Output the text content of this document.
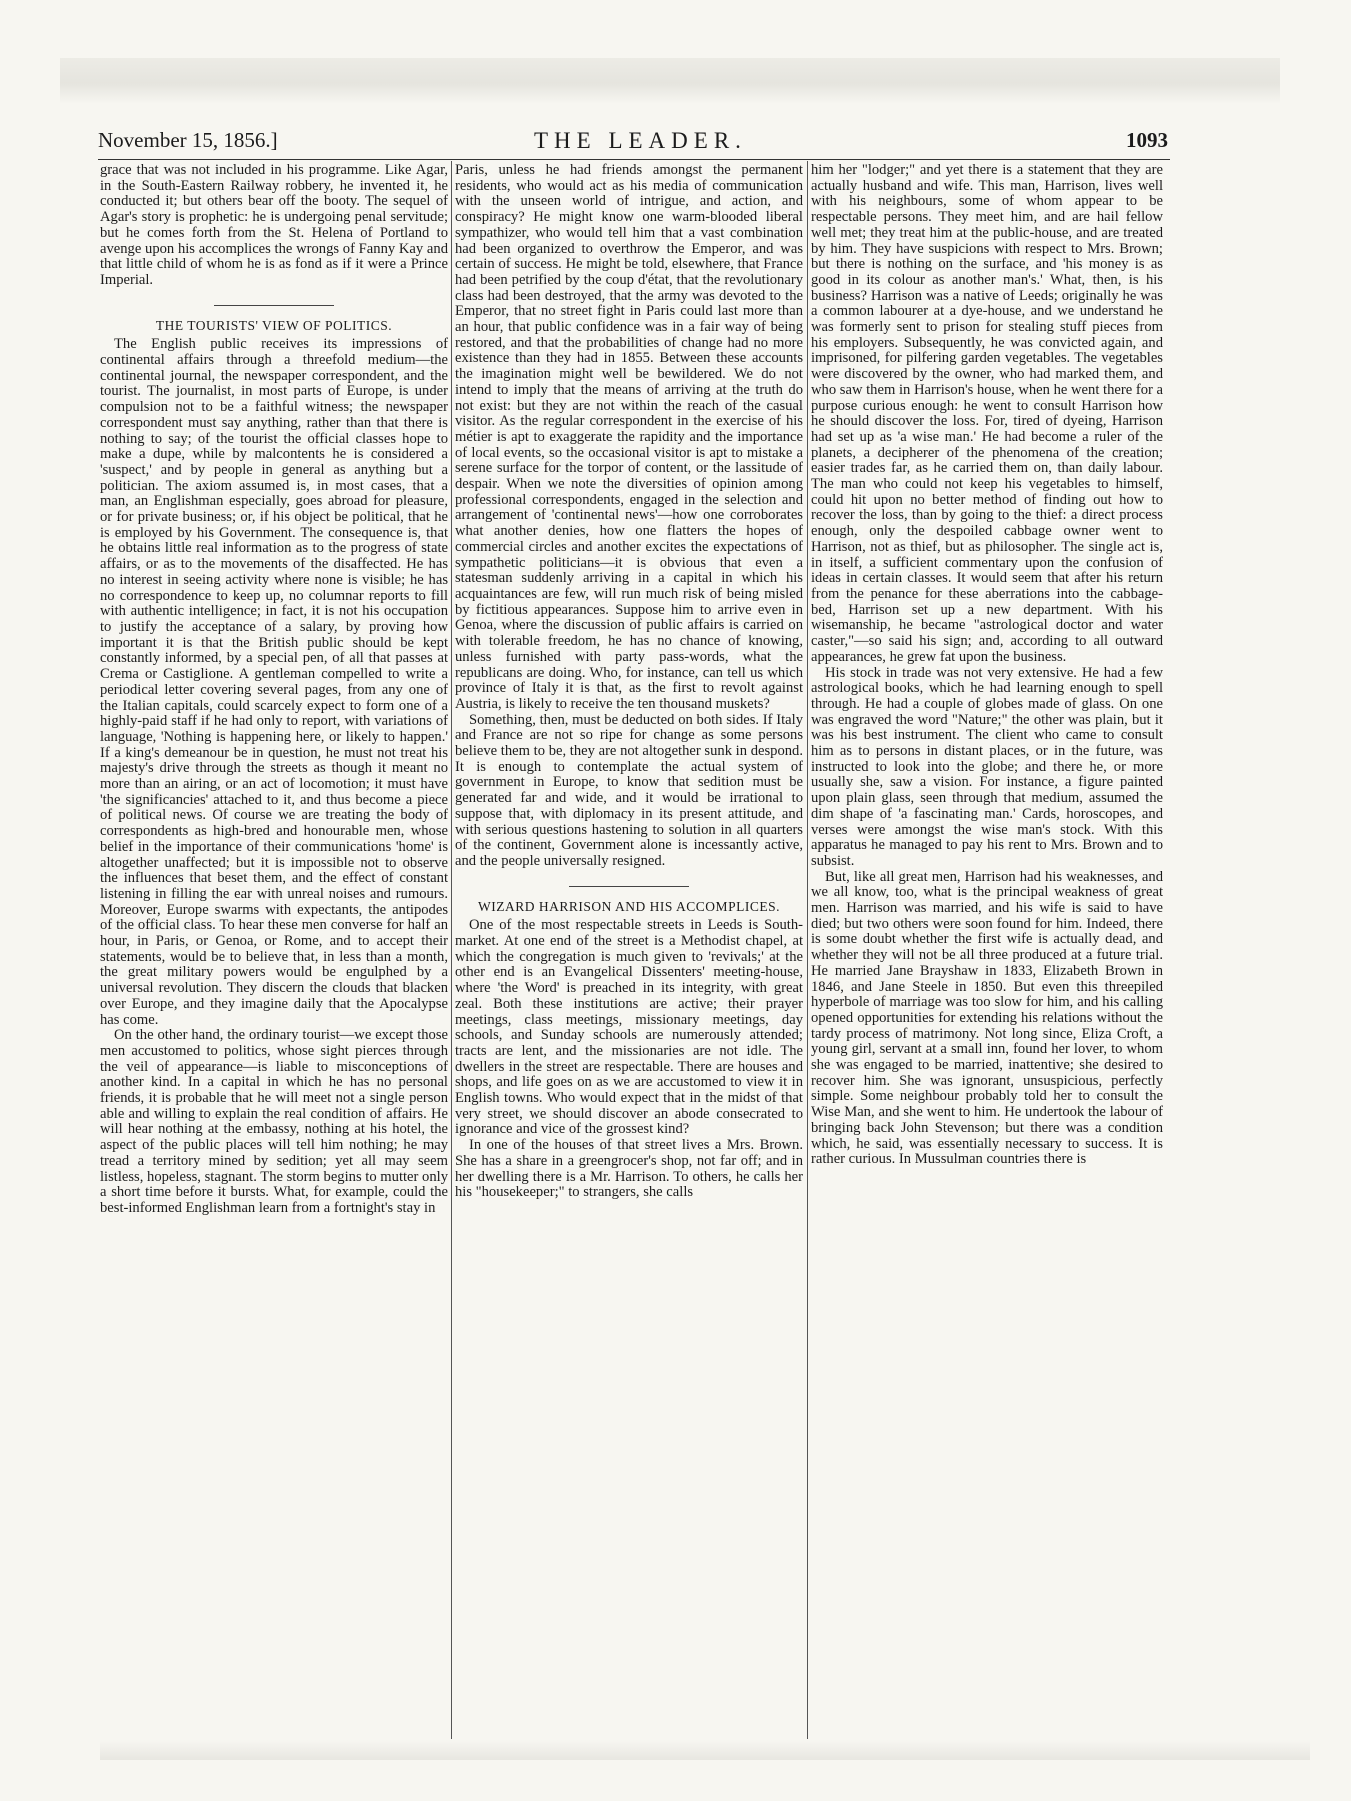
November 15, 1856.]	THE LEADER.	1093

grace that was not included in his programme. Like Agar, in the South-Eastern Railway robbery, he invented it, he conducted it; but others bear off the booty. The sequel of Agar's story is prophetic: he is undergoing penal servitude; but he comes forth from the St. Helena of Portland to avenge upon his accomplices the wrongs of Fanny Kay and that little child of whom he is as fond as if it were a Prince Imperial.

THE TOURISTS' VIEW OF POLITICS.

The English public receives its impressions of continental affairs through a threefold medium—the continental journal, the newspaper correspondent, and the tourist. The journalist, in most parts of Europe, is under compulsion not to be a faithful witness; the newspaper correspondent must say anything, rather than that there is nothing to say; of the tourist the official classes hope to make a dupe, while by malcontents he is considered a 'suspect,' and by people in general as anything but a politician. The axiom assumed is, in most cases, that a man, an Englishman especially, goes abroad for pleasure, or for private business; or, if his object be political, that he is employed by his Government. The consequence is, that he obtains little real information as to the progress of state affairs, or as to the movements of the disaffected. He has no interest in seeing activity where none is visible; he has no correspondence to keep up, no columnar reports to fill with authentic intelligence; in fact, it is not his occupation to justify the acceptance of a salary, by proving how important it is that the British public should be kept constantly informed, by a special pen, of all that passes at Crema or Castiglione. A gentleman compelled to write a periodical letter covering several pages, from any one of the Italian capitals, could scarcely expect to form one of a highly-paid staff if he had only to report, with variations of language, 'Nothing is happening here, or likely to happen.' If a king's demeanour be in question, he must not treat his majesty's drive through the streets as though it meant no more than an airing, or an act of locomotion; it must have 'the significancies' attached to it, and thus become a piece of political news. Of course we are treating the body of correspondents as high-bred and honourable men, whose belief in the importance of their communications 'home' is altogether unaffected; but it is impossible not to observe the influences that beset them, and the effect of constant listening in filling the ear with unreal noises and rumours. Moreover, Europe swarms with expectants, the antipodes of the official class. To hear these men converse for half an hour, in Paris, or Genoa, or Rome, and to accept their statements, would be to believe that, in less than a month, the great military powers would be engulphed by a universal revolution. They discern the clouds that blacken over Europe, and they imagine daily that the Apocalypse has come.

On the other hand, the ordinary tourist—we except those men accustomed to politics, whose sight pierces through the veil of appearance—is liable to misconceptions of another kind. In a capital in which he has no personal friends, it is probable that he will meet not a single person able and willing to explain the real condition of affairs. He will hear nothing at the embassy, nothing at his hotel, the aspect of the public places will tell him nothing; he may tread a territory mined by sedition; yet all may seem listless, hopeless, stagnant. The storm begins to mutter only a short time before it bursts. What, for example, could the best-informed Englishman learn from a fortnight's stay in

Paris, unless he had friends amongst the permanent residents, who would act as his media of communication with the unseen world of intrigue, and action, and conspiracy? He might know one warm-blooded liberal sympathizer, who would tell him that a vast combination had been organized to overthrow the Emperor, and was certain of success. He might be told, elsewhere, that France had been petrified by the coup d'état, that the revolutionary class had been destroyed, that the army was devoted to the Emperor, that no street fight in Paris could last more than an hour, that public confidence was in a fair way of being restored, and that the probabilities of change had no more existence than they had in 1855. Between these accounts the imagination might well be bewildered. We do not intend to imply that the means of arriving at the truth do not exist: but they are not within the reach of the casual visitor. As the regular correspondent in the exercise of his métier is apt to exaggerate the rapidity and the importance of local events, so the occasional visitor is apt to mistake a serene surface for the torpor of content, or the lassitude of despair. When we note the diversities of opinion among professional correspondents, engaged in the selection and arrangement of 'continental news'—how one corroborates what another denies, how one flatters the hopes of commercial circles and another excites the expectations of sympathetic politicians—it is obvious that even a statesman suddenly arriving in a capital in which his acquaintances are few, will run much risk of being misled by fictitious appearances. Suppose him to arrive even in Genoa, where the discussion of public affairs is carried on with tolerable freedom, he has no chance of knowing, unless furnished with party pass-words, what the republicans are doing. Who, for instance, can tell us which province of Italy it is that, as the first to revolt against Austria, is likely to receive the ten thousand muskets?

Something, then, must be deducted on both sides. If Italy and France are not so ripe for change as some persons believe them to be, they are not altogether sunk in despond. It is enough to contemplate the actual system of government in Europe, to know that sedition must be generated far and wide, and it would be irrational to suppose that, with diplomacy in its present attitude, and with serious questions hastening to solution in all quarters of the continent, Government alone is incessantly active, and the people universally resigned.

WIZARD HARRISON AND HIS ACCOMPLICES.

One of the most respectable streets in Leeds is South-market. At one end of the street is a Methodist chapel, at which the congregation is much given to 'revivals;' at the other end is an Evangelical Dissenters' meeting-house, where 'the Word' is preached in its integrity, with great zeal. Both these institutions are active; their prayer meetings, class meetings, missionary meetings, day schools, and Sunday schools are numerously attended; tracts are lent, and the missionaries are not idle. The dwellers in the street are respectable. There are houses and shops, and life goes on as we are accustomed to view it in English towns. Who would expect that in the midst of that very street, we should discover an abode consecrated to ignorance and vice of the grossest kind?

In one of the houses of that street lives a Mrs. Brown. She has a share in a greengrocer's shop, not far off; and in her dwelling there is a Mr. Harrison. To others, he calls her his "housekeeper;" to strangers, she calls

him her "lodger;" and yet there is a statement that they are actually husband and wife. This man, Harrison, lives well with his neighbours, some of whom appear to be respectable persons. They meet him, and are hail fellow well met; they treat him at the public-house, and are treated by him. They have suspicions with respect to Mrs. Brown; but there is nothing on the surface, and 'his money is as good in its colour as another man's.' What, then, is his business? Harrison was a native of Leeds; originally he was a common labourer at a dye-house, and we understand he was formerly sent to prison for stealing stuff pieces from his employers. Subsequently, he was convicted again, and imprisoned, for pilfering garden vegetables. The vegetables were discovered by the owner, who had marked them, and who saw them in Harrison's house, when he went there for a purpose curious enough: he went to consult Harrison how he should discover the loss. For, tired of dyeing, Harrison had set up as 'a wise man.' He had become a ruler of the planets, a decipherer of the phenomena of the creation; easier trades far, as he carried them on, than daily labour. The man who could not keep his vegetables to himself, could hit upon no better method of finding out how to recover the loss, than by going to the thief: a direct process enough, only the despoiled cabbage owner went to Harrison, not as thief, but as philosopher. The single act is, in itself, a sufficient commentary upon the confusion of ideas in certain classes. It would seem that after his return from the penance for these aberrations into the cabbage-bed, Harrison set up a new department. With his wisemanship, he became "astrological doctor and water caster,"—so said his sign; and, according to all outward appearances, he grew fat upon the business.

His stock in trade was not very extensive. He had a few astrological books, which he had learning enough to spell through. He had a couple of globes made of glass. On one was engraved the word "Nature;" the other was plain, but it was his best instrument. The client who came to consult him as to persons in distant places, or in the future, was instructed to look into the globe; and there he, or more usually she, saw a vision. For instance, a figure painted upon plain glass, seen through that medium, assumed the dim shape of 'a fascinating man.' Cards, horoscopes, and verses were amongst the wise man's stock. With this apparatus he managed to pay his rent to Mrs. Brown and to subsist.

But, like all great men, Harrison had his weaknesses, and we all know, too, what is the principal weakness of great men. Harrison was married, and his wife is said to have died; but two others were soon found for him. Indeed, there is some doubt whether the first wife is actually dead, and whether they will not be all three produced at a future trial. He married Jane Brayshaw in 1833, Elizabeth Brown in 1846, and Jane Steele in 1850. But even this threepiled hyperbole of marriage was too slow for him, and his calling opened opportunities for extending his relations without the tardy process of matrimony. Not long since, Eliza Croft, a young girl, servant at a small inn, found her lover, to whom she was engaged to be married, inattentive; she desired to recover him. She was ignorant, unsuspicious, perfectly simple. Some neighbour probably told her to consult the Wise Man, and she went to him. He undertook the labour of bringing back John Stevenson; but there was a condition which, he said, was essentially necessary to success. It is rather curious. In Mussulman countries there is
